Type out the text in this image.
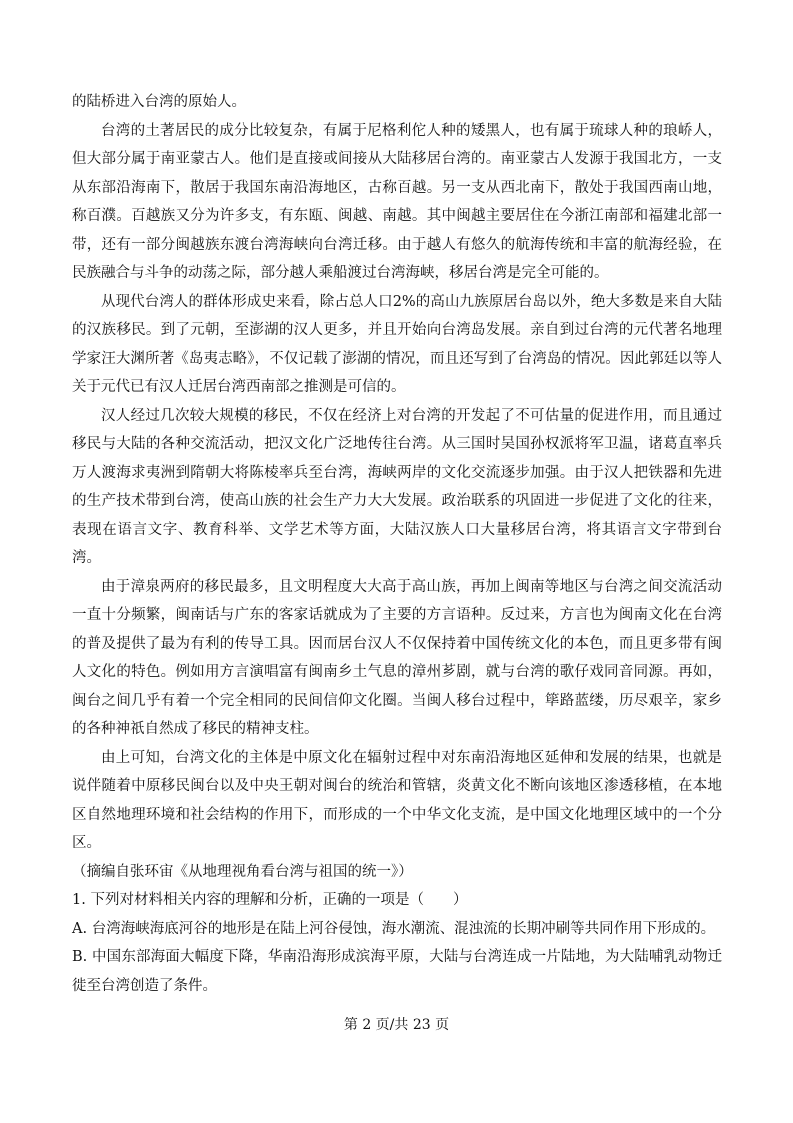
的陆桥进入台湾的原始人。

台湾的土著居民的成分比较复杂，有属于尼格利佗人种的矮黑人，也有属于琉球人种的琅峤人，但大部分属于南亚蒙古人。他们是直接或间接从大陆移居台湾的。南亚蒙古人发源于我国北方，一支从东部沿海南下，散居于我国东南沿海地区，古称百越。另一支从西北南下，散处于我国西南山地，称百濮。百越族又分为许多支，有东瓯、闽越、南越。其中闽越主要居住在今浙江南部和福建北部一带，还有一部分闽越族东渡台湾海峡向台湾迁移。由于越人有悠久的航海传统和丰富的航海经验，在民族融合与斗争的动荡之际，部分越人乘船渡过台湾海峡，移居台湾是完全可能的。

从现代台湾人的群体形成史来看，除占总人口2%的高山九族原居台岛以外，绝大多数是来自大陆的汉族移民。到了元朝，至澎湖的汉人更多，并且开始向台湾岛发展。亲自到过台湾的元代著名地理学家汪大渊所著《岛夷志略》，不仅记载了澎湖的情况，而且还写到了台湾岛的情况。因此郭廷以等人关于元代已有汉人迁居台湾西南部之推测是可信的。

汉人经过几次较大规模的移民，不仅在经济上对台湾的开发起了不可估量的促进作用，而且通过移民与大陆的各种交流活动，把汉文化广泛地传往台湾。从三国时吴国孙权派将军卫温，诸葛直率兵万人渡海求夷洲到隋朝大将陈棱率兵至台湾，海峡两岸的文化交流逐步加强。由于汉人把铁器和先进的生产技术带到台湾，使高山族的社会生产力大大发展。政治联系的巩固进一步促进了文化的往来，表现在语言文字、教育科举、文学艺术等方面，大陆汉族人口大量移居台湾，将其语言文字带到台湾。

由于漳泉两府的移民最多，且文明程度大大高于高山族，再加上闽南等地区与台湾之间交流活动一直十分频繁，闽南话与广东的客家话就成为了主要的方言语种。反过来，方言也为闽南文化在台湾的普及提供了最为有利的传导工具。因而居台汉人不仅保持着中国传统文化的本色，而且更多带有闽人文化的特色。例如用方言演唱富有闽南乡土气息的漳州芗剧，就与台湾的歌仔戏同音同源。再如，闽台之间几乎有着一个完全相同的民间信仰文化圈。当闽人移台过程中，筚路蓝缕，历尽艰辛，家乡的各种神祇自然成了移民的精神支柱。

由上可知，台湾文化的主体是中原文化在辐射过程中对东南沿海地区延伸和发展的结果，也就是说伴随着中原移民闽台以及中央王朝对闽台的统治和管辖，炎黄文化不断向该地区渗透移植，在本地区自然地理环境和社会结构的作用下，而形成的一个中华文化支流，是中国文化地理区域中的一个分区。

（摘编自张环宙《从地理视角看台湾与祖国的统一》）

1. 下列对材料相关内容的理解和分析，正确的一项是（　　）

A. 台湾海峡海底河谷的地形是在陆上河谷侵蚀，海水潮流、混浊流的长期冲刷等共同作用下形成的。

B. 中国东部海面大幅度下降，华南沿海形成滨海平原，大陆与台湾连成一片陆地，为大陆哺乳动物迁徙至台湾创造了条件。

第 2 页/共 23 页
